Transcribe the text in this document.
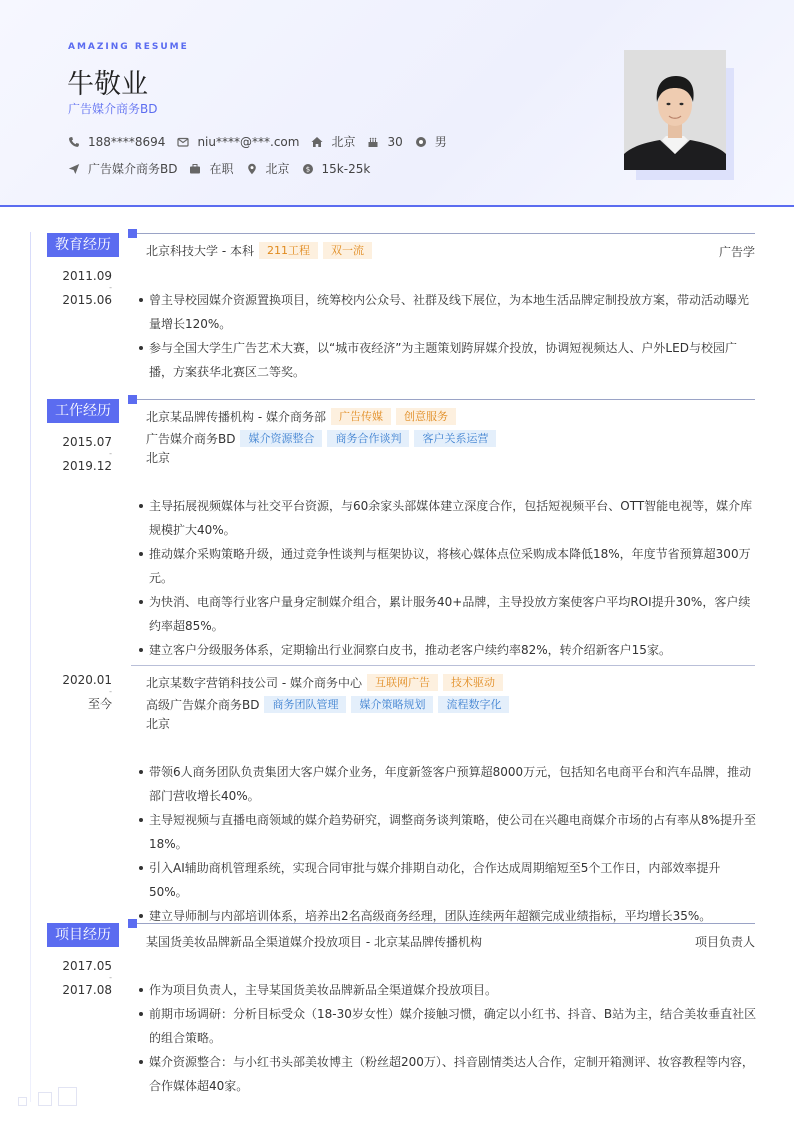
AMAZING RESUME
牛敬业
广告媒介商务BD
188****8694	niu****@***.com	北京	30	男
广告媒介商务BD	在职	北京 $ 15k-25k
教育经历
2011.09
-
2015.06
北京科技大学 - 本科	211工程	双一流	广告学
曾主导校园媒介资源置换项目，统筹校内公众号、社群及线下展位，为本地生活品牌定制投放方案，带动活动曝光量增长120%。
参与全国大学生广告艺术大赛，以“城市夜经济”为主题策划跨屏媒介投放，协调短视频达人、户外LED与校园广播，方案获华北赛区二等奖。
工作经历
2015.07
-
2019.12
北京某品牌传播机构 - 媒介商务部	广告传媒	创意服务
广告媒介商务BD	媒介资源整合	商务合作谈判	客户关系运营
北京
主导拓展视频媒体与社交平台资源，与60余家头部媒体建立深度合作，包括短视频平台、OTT智能电视等，媒介库规模扩大40%。
推动媒介采购策略升级，通过竞争性谈判与框架协议，将核心媒体点位采购成本降低18%，年度节省预算超300万元。
为快消、电商等行业客户量身定制媒介组合，累计服务40+品牌，主导投放方案使客户平均ROI提升30%，客户续约率超85%。
建立客户分级服务体系，定期输出行业洞察白皮书，推动老客户续约率82%，转介绍新客户15家。
2020.01
-
至今
北京某数字营销科技公司 - 媒介商务中心	互联网广告	技术驱动
高级广告媒介商务BD	商务团队管理	媒介策略规划	流程数字化
北京
带领6人商务团队负责集团大客户媒介业务，年度新签客户预算超8000万元，包括知名电商平台和汽车品牌，推动部门营收增长40%。
主导短视频与直播电商领域的媒介趋势研究，调整商务谈判策略，使公司在兴趣电商媒介市场的占有率从8%提升至18%。
引入AI辅助商机管理系统，实现合同审批与媒介排期自动化，合作达成周期缩短至5个工作日，内部效率提升50%。
建立导师制与内部培训体系，培养出2名高级商务经理，团队连续两年超额完成业绩指标，平均增长35%。
项目经历
2017.05
-
2017.08
某国货美妆品牌新品全渠道媒介投放项目 - 北京某品牌传播机构	项目负责人
作为项目负责人，主导某国货美妆品牌新品全渠道媒介投放项目。
前期市场调研：分析目标受众（18-30岁女性）媒介接触习惯，确定以小红书、抖音、B站为主，结合美妆垂直社区的组合策略。
媒介资源整合：与小红书头部美妆博主（粉丝超200万）、抖音剧情类达人合作，定制开箱测评、妆容教程等内容，合作媒体超40家。
